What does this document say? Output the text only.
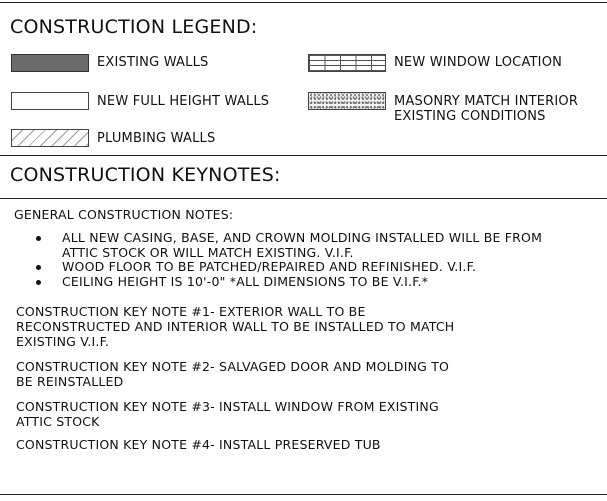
CONSTRUCTION LEGEND:
EXISTING WALLS
NEW FULL HEIGHT WALLS
PLUMBING WALLS
NEW WINDOW LOCATION
MASONRY MATCH INTERIOR
EXISTING CONDITIONS
CONSTRUCTION KEYNOTES:
GENERAL CONSTRUCTION NOTES:
ALL NEW CASING, BASE, AND CROWN MOLDING INSTALLED WILL BE FROM ATTIC STOCK OR WILL MATCH EXISTING. V.I.F.
WOOD FLOOR TO BE PATCHED/REPAIRED AND REFINISHED. V.I.F.
CEILING HEIGHT IS 10'-0" *ALL DIMENSIONS TO BE V.I.F.*
CONSTRUCTION KEY NOTE #1- EXTERIOR WALL TO BE RECONSTRUCTED AND INTERIOR WALL TO BE INSTALLED TO MATCH EXISTING V.I.F.
CONSTRUCTION KEY NOTE #2- SALVAGED DOOR AND MOLDING TO BE REINSTALLED
CONSTRUCTION KEY NOTE #3- INSTALL WINDOW FROM EXISTING ATTIC STOCK
CONSTRUCTION KEY NOTE #4- INSTALL PRESERVED TUB
